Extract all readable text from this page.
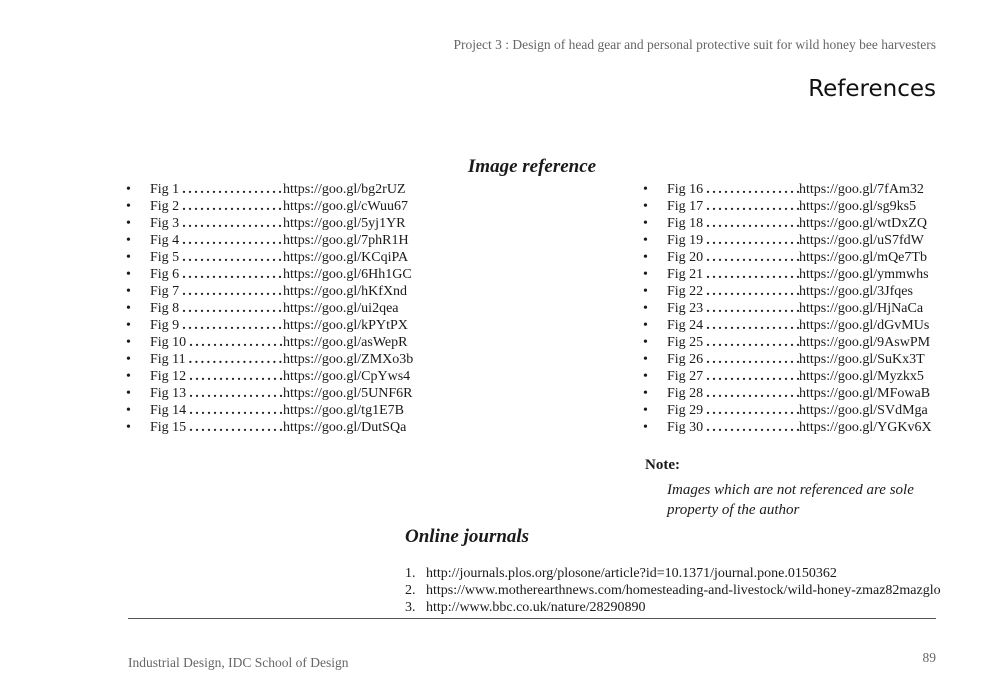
Project 3 : Design of head gear and personal protective suit for wild honey bee harvesters
References
Image reference
•	Fig 1 . . .	https://goo.gl/bg2rUZ
•	Fig 2 . . .	https://goo.gl/cWuu67
•	Fig 3 . . .	https://goo.gl/5yj1YR
•	Fig 4 . . .	https://goo.gl/7phR1H
•	Fig 5 . . .	https://goo.gl/KCqiPA
•	Fig 6 . . .	https://goo.gl/6Hh1GC
•	Fig 7 . . .	https://goo.gl/hKfXnd
•	Fig 8 . . .	https://goo.gl/ui2qea
•	Fig 9 . . .	https://goo.gl/kPYtPX
•	Fig 10 . . .	https://goo.gl/asWepR
•	Fig 11 . . .	https://goo.gl/ZMXo3b
•	Fig 12 . . .	https://goo.gl/CpYws4
•	Fig 13 . . .	https://goo.gl/5UNF6R
•	Fig 14 . . .	https://goo.gl/tg1E7B
•	Fig 15 . . .	https://goo.gl/DutSQa
•	Fig 16 . . .	https://goo.gl/7fAm32
•	Fig 17 . . .	https://goo.gl/sg9ks5
•	Fig 18 . . .	https://goo.gl/wtDxZQ
•	Fig 19 . . .	https://goo.gl/uS7fdW
•	Fig 20 . . .	https://goo.gl/mQe7Tb
•	Fig 21 . . .	https://goo.gl/ymmwhs
•	Fig 22 . . .	https://goo.gl/3Jfqes
•	Fig 23 . . .	https://goo.gl/HjNaCa
•	Fig 24 . . .	https://goo.gl/dGvMUs
•	Fig 25 . . .	https://goo.gl/9AswPM
•	Fig 26 . . .	https://goo.gl/SuKx3T
•	Fig 27 . . .	https://goo.gl/Myzkx5
•	Fig 28 . . .	https://goo.gl/MFowaB
•	Fig 29 . . .	https://goo.gl/SVdMga
•	Fig 30 . . .	https://goo.gl/YGKv6X
Note:
Images which are not referenced are sole property of the author
Online journals
1. http://journals.plos.org/plosone/article?id=10.1371/journal.pone.0150362
2. https://www.motherearthnews.com/homesteading-and-livestock/wild-honey-zmaz82mazglo
3. http://www.bbc.co.uk/nature/28290890
Industrial Design, IDC School of Design	89
